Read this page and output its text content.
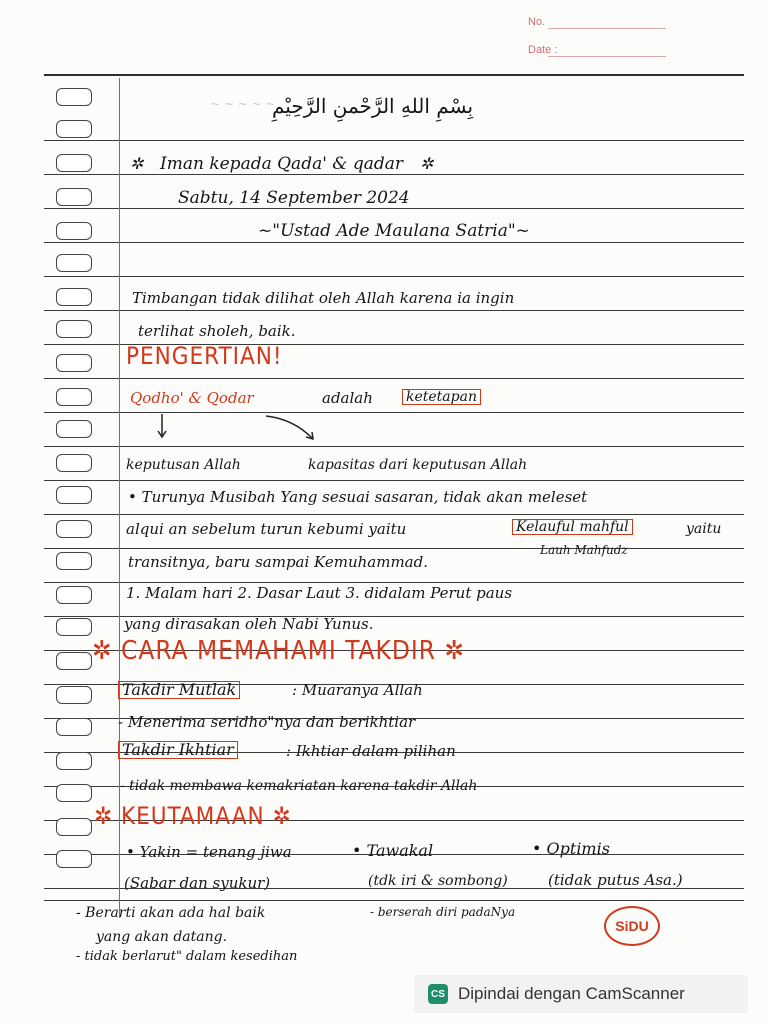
No.
Date :
~ ~ ~ ~ ~
بِسْمِ اللهِ الرَّحْمنِ الرَّحِيْمِ
✲ Iman kepada Qada' & qadar ✲
Sabtu, 14 September 2024
~"Ustad Ade Maulana Satria"~
Timbangan tidak dilihat oleh Allah karena ia ingin
terlihat sholeh, baik.
PENGERTIAN!
Qodho' & Qodar	adalah ketetapan
keputusan Allah	kapasitas dari keputusan Allah
• Turunya Musibah Yang sesuai sasaran, tidak akan meleset
alqui an sebelum turun kebumi yaitu	Kelauful mahful	yaitu
Lauh Mahfudz
transitnya, baru sampai Kemuhammad.
1. Malam hari 2. Dasar Laut 3. didalam Perut paus
yang dirasakan oleh Nabi Yunus.
✲ CARA MEMAHAMI TAKDIR ✲
Takdir Mutlak	: Muaranya Allah
- Menerima seridho"nya dan berikhtiar
Takdir Ikhtiar	: Ikhtiar dalam pilihan
- tidak membawa kemakriatan karena takdir Allah
✲ KEUTAMAAN ✲
• Yakin = tenang jiwa	• Tawakal	• Optimis
(Sabar dan syukur)	(tdk iri & sombong)	(tidak putus Asa.)
- Berarti akan ada hal baik
yang akan datang.
- tidak berlarut" dalam kesedihan
- berserah diri padaNya
SiDU
CS Dipindai dengan CamScanner
